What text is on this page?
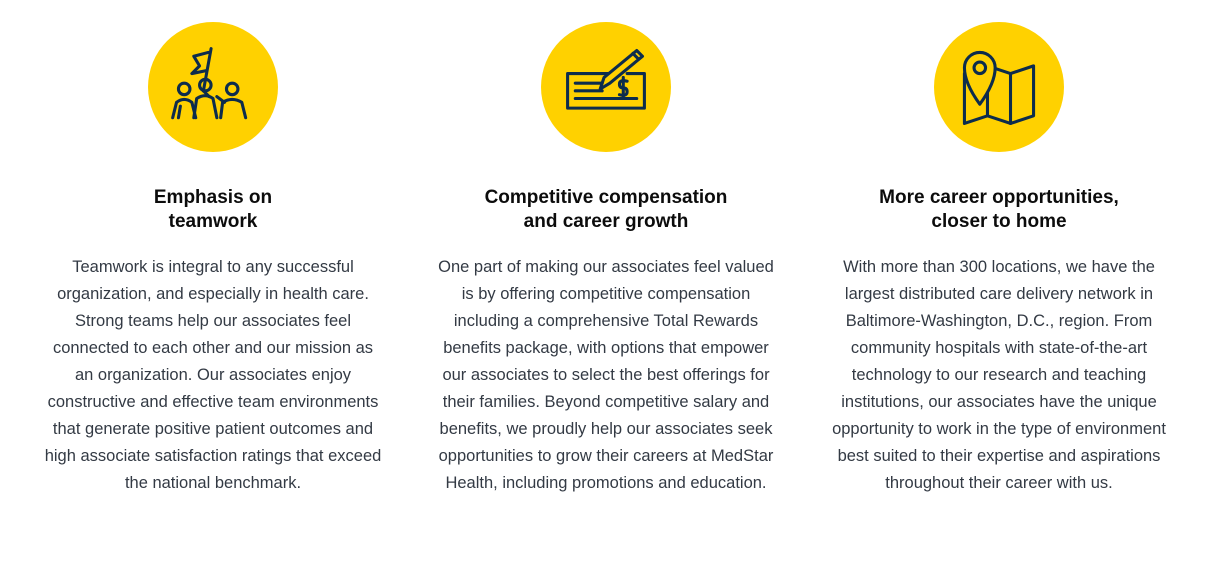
Emphasis on
teamwork
Teamwork is integral to any successful organization, and especially in health care. Strong teams help our associates feel connected to each other and our mission as an organization. Our associates enjoy constructive and effective team environments that generate positive patient outcomes and high associate satisfaction ratings that exceed the national benchmark.
Competitive compensation
and career growth
One part of making our associates feel valued is by offering competitive compensation including a comprehensive Total Rewards benefits package, with options that empower our associates to select the best offerings for their families. Beyond competitive salary and benefits, we proudly help our associates seek opportunities to grow their careers at MedStar Health, including promotions and education.
More career opportunities,
closer to home
With more than 300 locations, we have the largest distributed care delivery network in Baltimore-Washington, D.C., region. From community hospitals with state-of-the-art technology to our research and teaching institutions, our associates have the unique opportunity to work in the type of environment best suited to their expertise and aspirations throughout their career with us.
